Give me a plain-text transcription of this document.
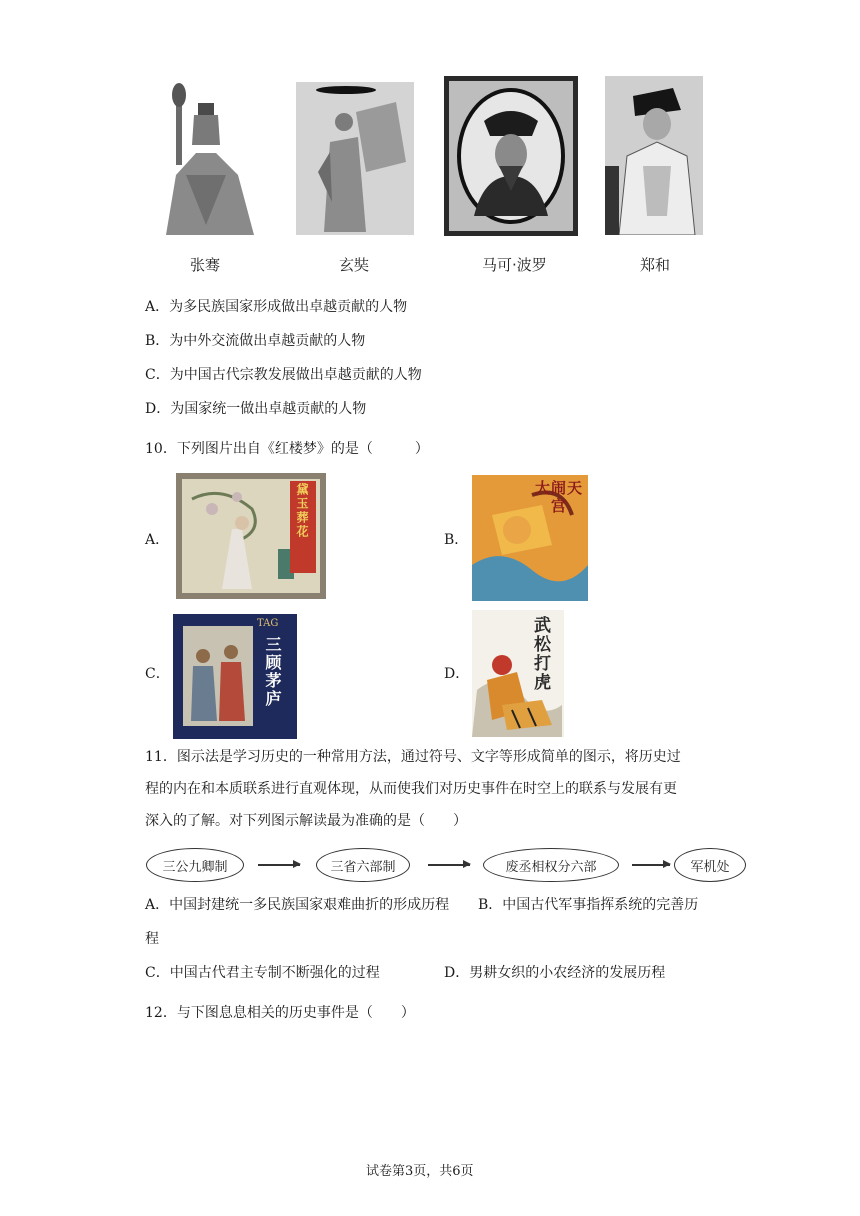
张骞	玄奘	马可·波罗	郑和
A．为多民族国家形成做出卓越贡献的人物
B．为中外交流做出卓越贡献的人物
C．为中国古代宗教发展做出卓越贡献的人物
D．为国家统一做出卓越贡献的人物
10．下列图片出自《红楼梦》的是（　　　）
A．
黛玉葬花
B．
大闹天宫
C．
TAG
三顾茅庐	D．	武松打虎
11．图示法是学习历史的一种常用方法，通过符号、文字等形成简单的图示，将历史过
程的内在和本质联系进行直观体现，从而使我们对历史事件在时空上的联系与发展有更
深入的了解。对下列图示解读最为准确的是（　　）
三公九卿制	三省六部制	废丞相权分六部	军机处
A．中国封建统一多民族国家艰难曲折的形成历程 B．中国古代军事指挥系统的完善历
程
C．中国古代君主专制不断强化的过程	D．男耕女织的小农经济的发展历程
12．与下图息息相关的历史事件是（　　）
试卷第3页，共6页
